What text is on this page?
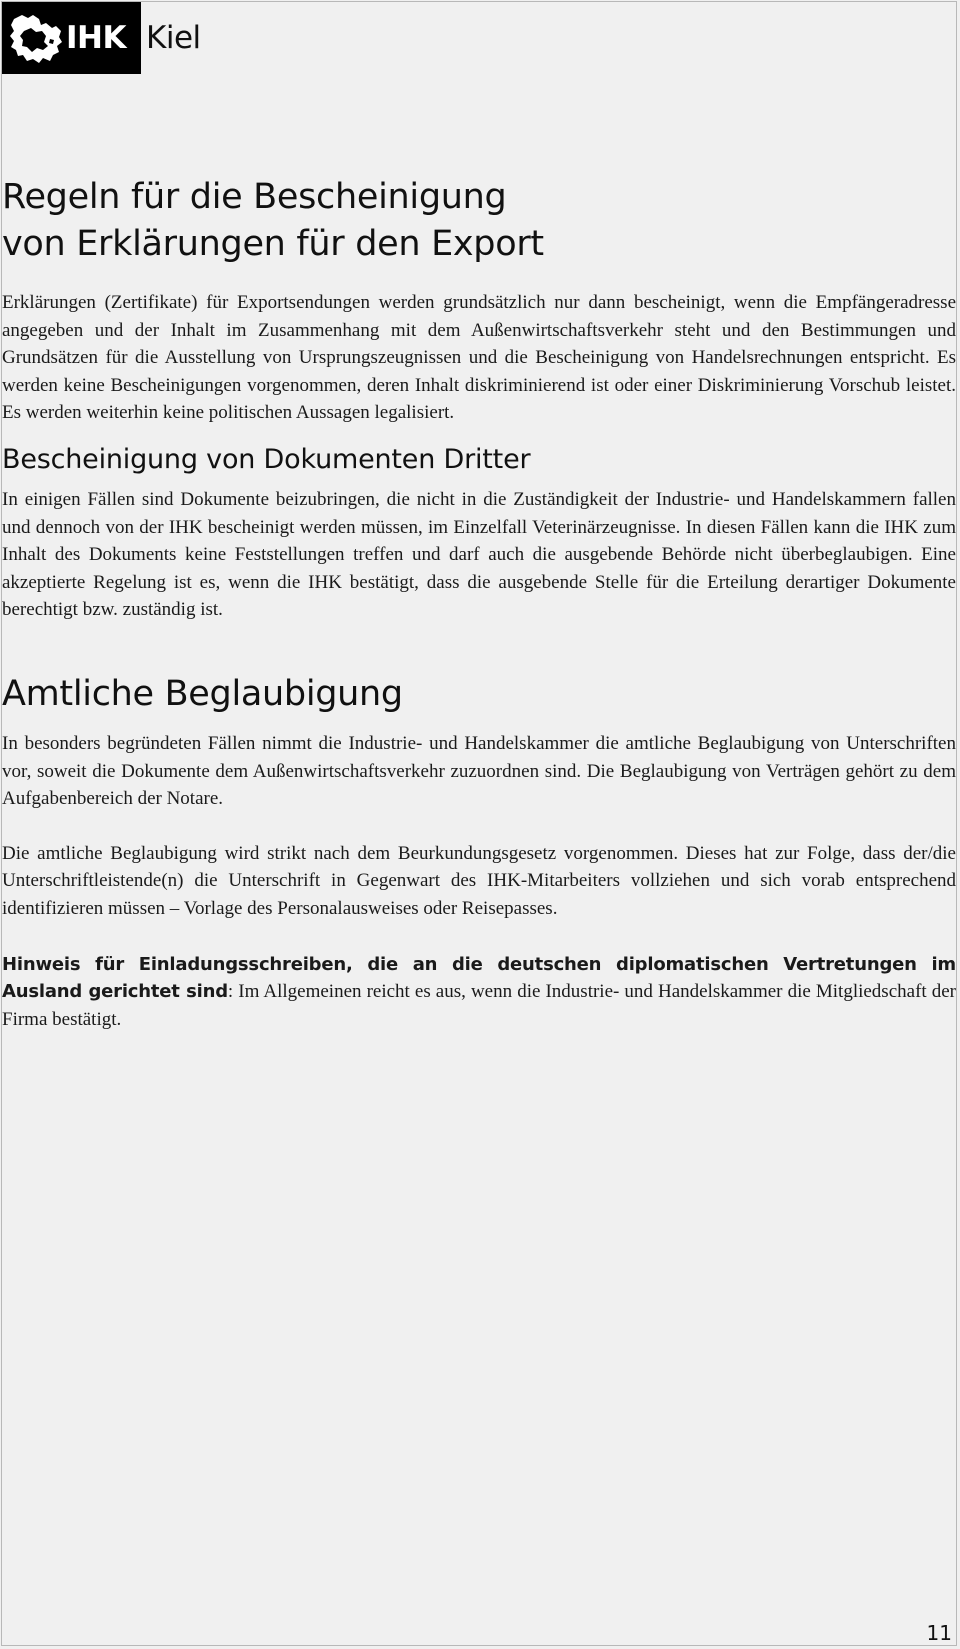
IHK Kiel
Regeln für die Bescheinigung
von Erklärungen für den Export

Erklärungen (Zertifikate) für Exportsendungen werden grundsätzlich nur dann bescheinigt, wenn die Empfängeradresse angegeben und der Inhalt im Zusammenhang mit dem Außenwirtschaftsverkehr steht und den Bestimmungen und Grundsätzen für die Ausstellung von Ursprungszeugnissen und die Bescheinigung von Handelsrechnungen entspricht. Es werden keine Bescheinigungen vorgenommen, deren Inhalt diskriminierend ist oder einer Diskriminierung Vorschub leistet. Es werden weiterhin keine politischen Aussagen legalisiert.

Bescheinigung von Dokumenten Dritter

In einigen Fällen sind Dokumente beizubringen, die nicht in die Zuständigkeit der Industrie- und Handelskammern fallen und dennoch von der IHK bescheinigt werden müssen, im Einzelfall Veterinärzeugnisse. In diesen Fällen kann die IHK zum Inhalt des Dokuments keine Feststellungen treffen und darf auch die ausgebende Behörde nicht überbeglaubigen. Eine akzeptierte Regelung ist es, wenn die IHK bestätigt, dass die ausgebende Stelle für die Erteilung derartiger Dokumente berechtigt bzw. zuständig ist.

Amtliche Beglaubigung

In besonders begründeten Fällen nimmt die Industrie- und Handelskammer die amtliche Beglaubigung von Unterschriften vor, soweit die Dokumente dem Außenwirtschaftsverkehr zuzuordnen sind. Die Beglaubigung von Verträgen gehört zu dem Aufgabenbereich der Notare.

Die amtliche Beglaubigung wird strikt nach dem Beurkundungsgesetz vorgenommen. Dieses hat zur Folge, dass der/die Unterschriftleistende(n) die Unterschrift in Gegenwart des IHK-Mitarbeiters vollziehen und sich vorab entsprechend identifizieren müssen – Vorlage des Personalausweises oder Reisepasses.

Hinweis für Einladungsschreiben, die an die deutschen diplomatischen Vertretungen im Ausland gerichtet sind: Im Allgemeinen reicht es aus, wenn die Industrie- und Handelskammer die Mitgliedschaft der Firma bestätigt.

11
